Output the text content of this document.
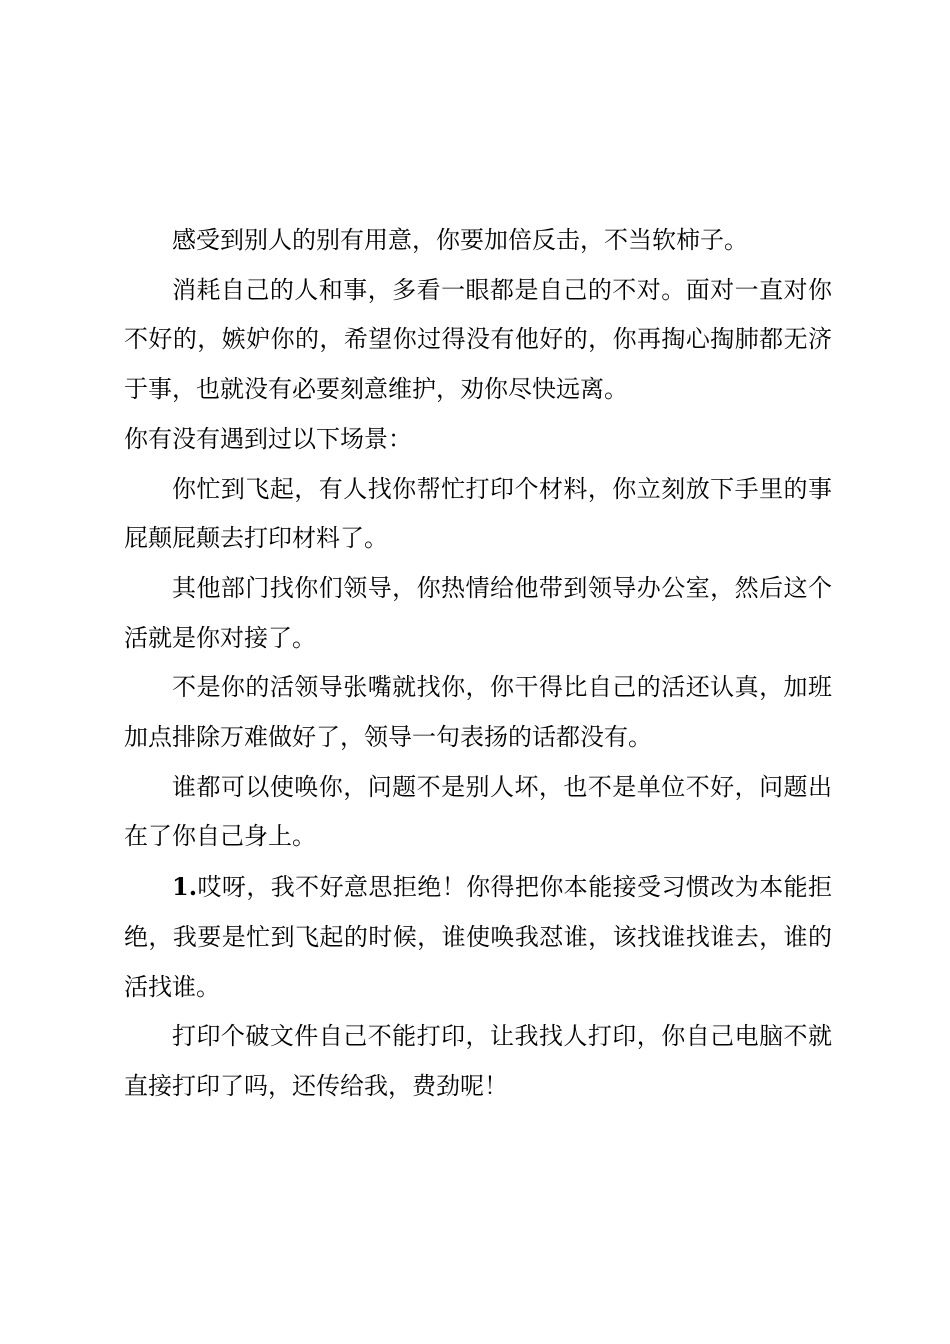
感受到别人的别有用意，你要加倍反击，不当软柿子。

消耗自己的人和事，多看一眼都是自己的不对。面对一直对你不好的，嫉妒你的，希望你过得没有他好的，你再掏心掏肺都无济于事，也就没有必要刻意维护，劝你尽快远离。

你有没有遇到过以下场景：

你忙到飞起，有人找你帮忙打印个材料，你立刻放下手里的事屁颠屁颠去打印材料了。

其他部门找你们领导，你热情给他带到领导办公室，然后这个活就是你对接了。

不是你的活领导张嘴就找你，你干得比自己的活还认真，加班加点排除万难做好了，领导一句表扬的话都没有。

谁都可以使唤你，问题不是别人坏，也不是单位不好，问题出在了你自己身上。

1.哎呀，我不好意思拒绝！你得把你本能接受习惯改为本能拒绝，我要是忙到飞起的时候，谁使唤我怼谁，该找谁找谁去，谁的活找谁。

打印个破文件自己不能打印，让我找人打印，你自己电脑不就直接打印了吗，还传给我，费劲呢！
